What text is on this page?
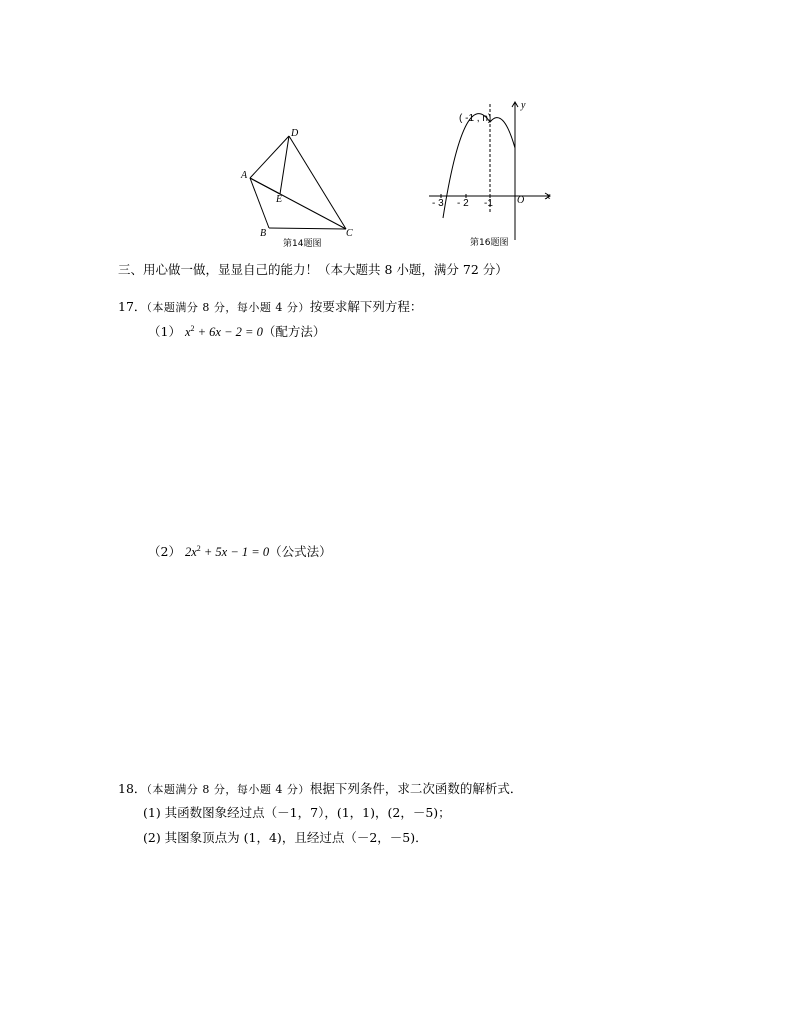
A
D
E
B	C
第14题图
( -1 , n)
y
x
O
- 3 - 2 -1
第16题图
三、用心做一做，显显自己的能力！（本大题共 8 小题，满分 72 分）
17．（本题满分 8 分，每小题 4 分）按要求解下列方程：
（1） $x^2 + 6x - 2 = 0$（配方法）
（2） $2x^2 + 5x - 1 = 0$（公式法）
18．（本题满分 8 分，每小题 4 分）根据下列条件，求二次函数的解析式．
(1) 其函数图象经过点（－1，7），(1，1)，(2，－5)；
(2) 其图象顶点为 (1，4)，且经过点（－2，－5)．
